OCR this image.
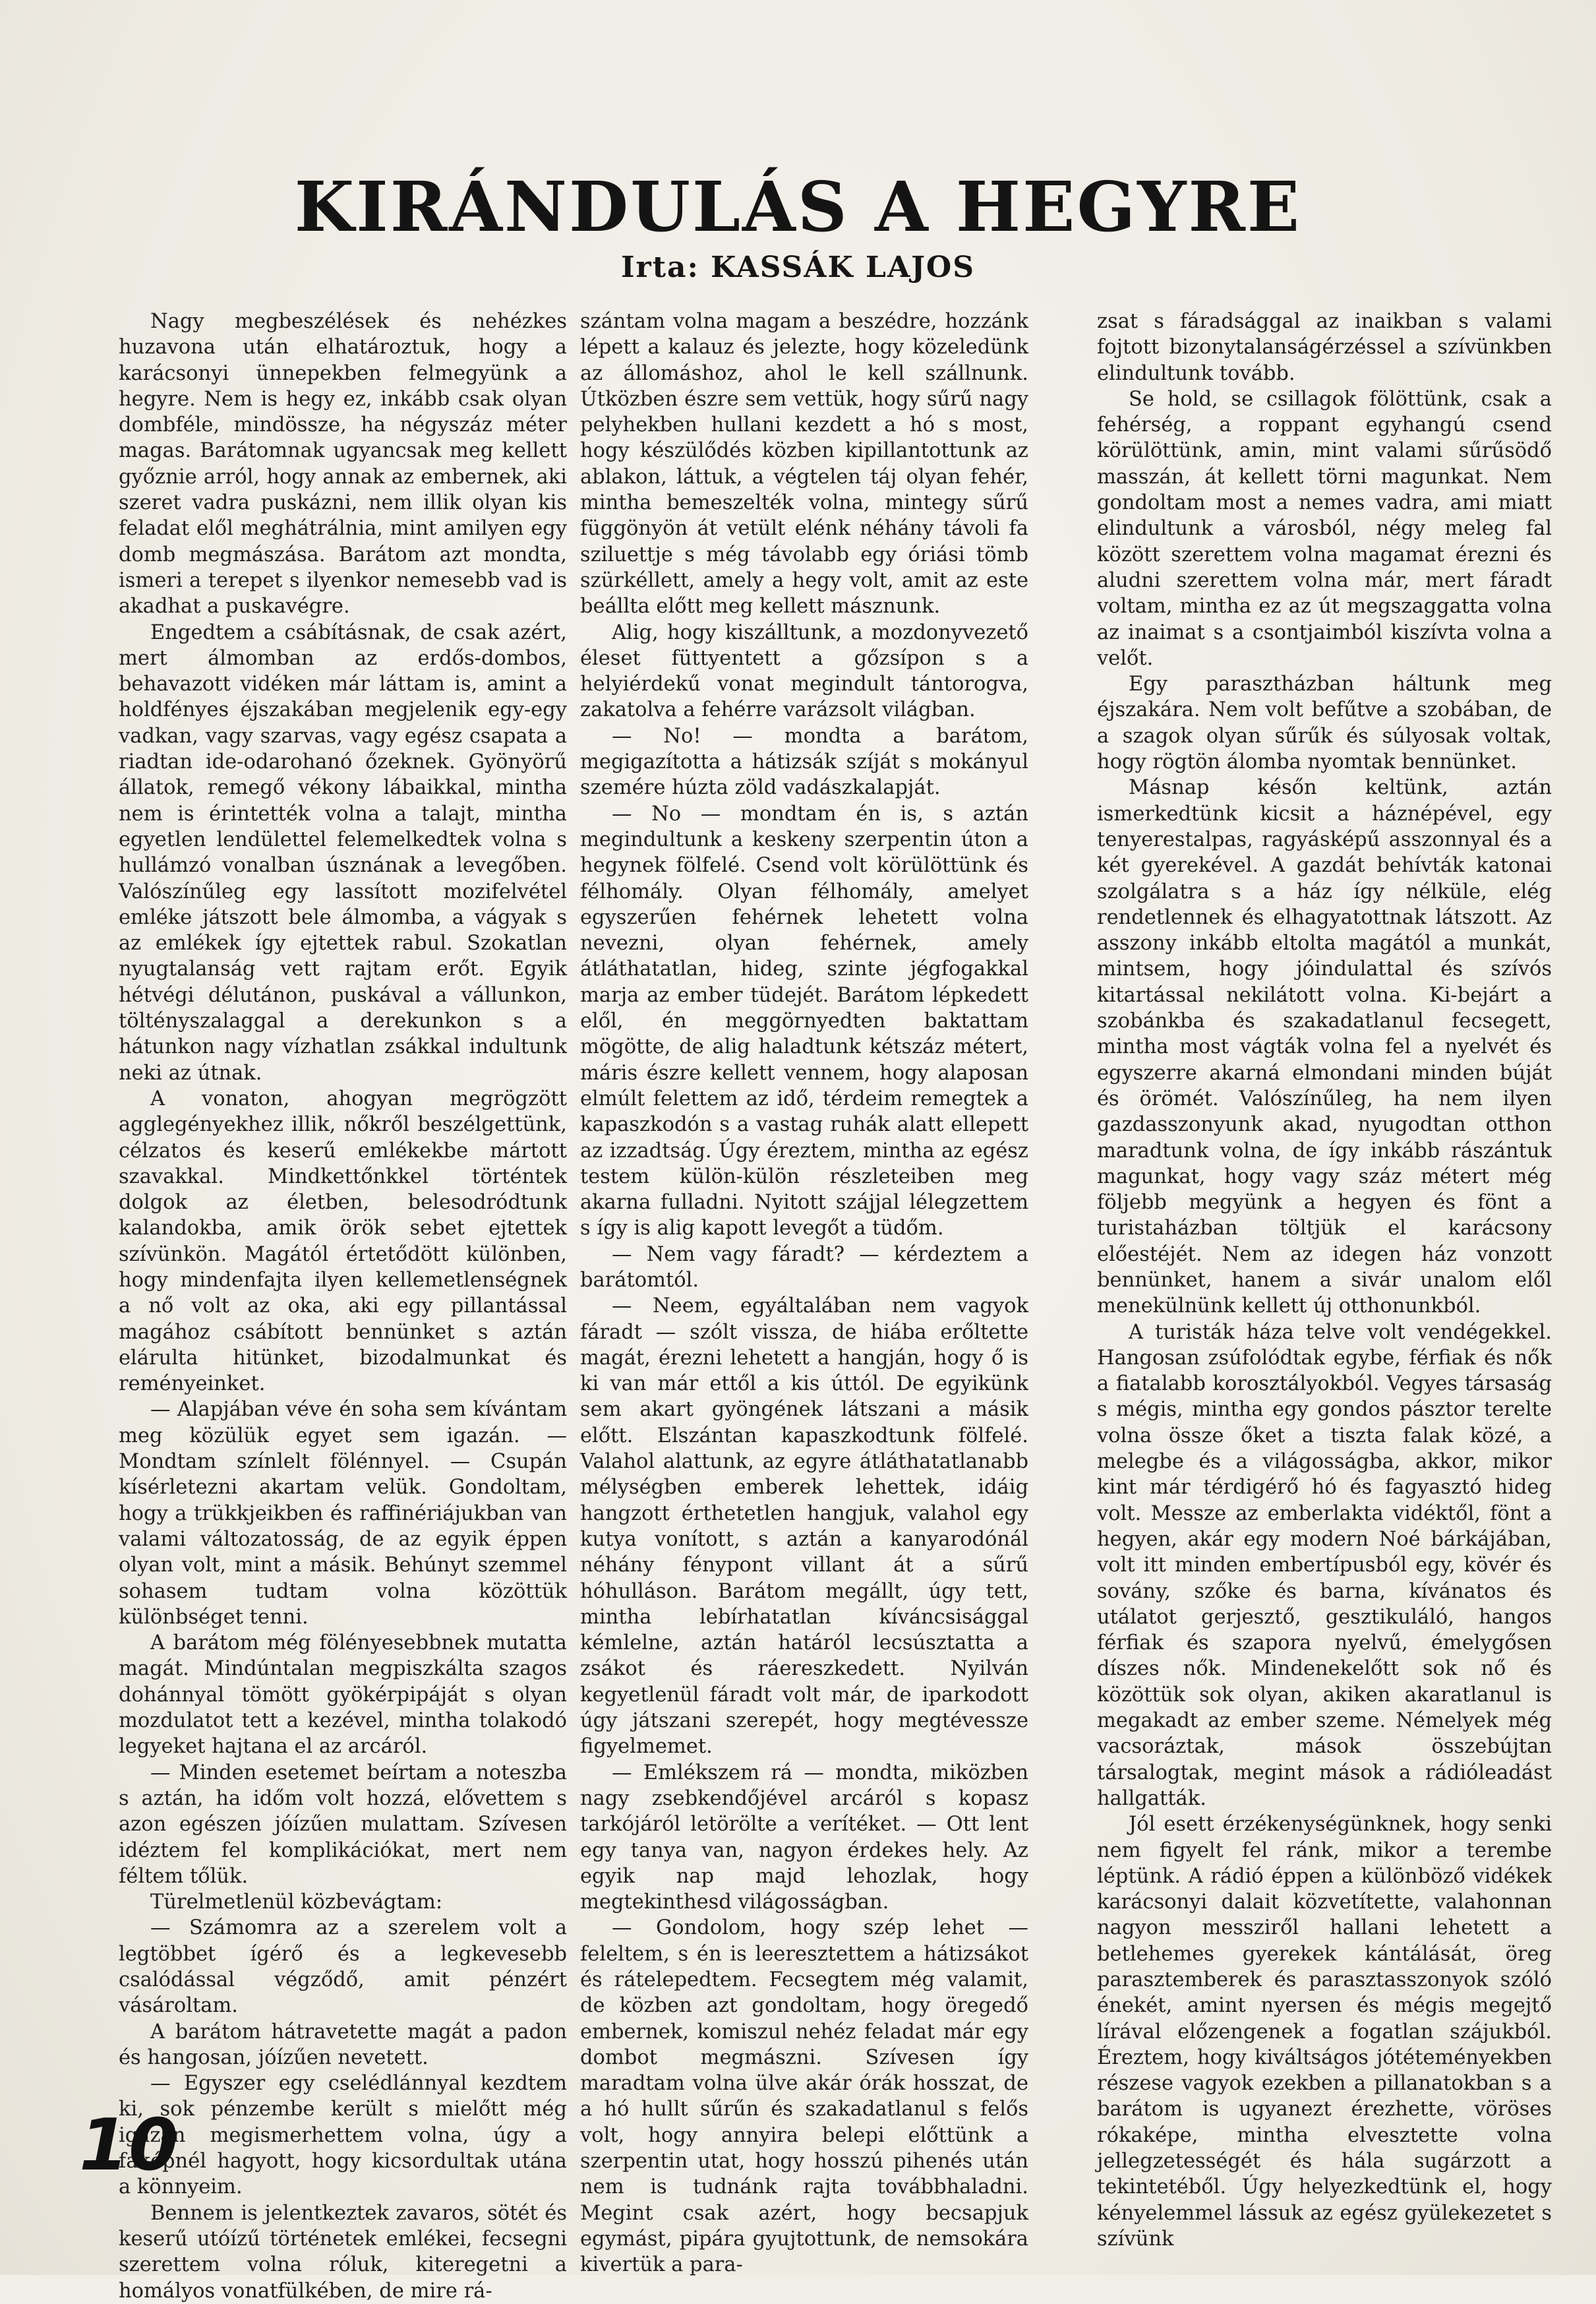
KIRÁNDULÁS A HEGYRE
Irta: KASSÁK LAJOS

Nagy megbeszélések és nehézkes huzavona után elhatároztuk, hogy a karácsonyi ünnepekben felmegyünk a hegyre. Nem is hegy ez, inkább csak olyan dombféle, mindössze, ha négyszáz méter magas. Barátomnak ugyancsak meg kellett győznie arról, hogy annak az embernek, aki szeret vadra puskázni, nem illik olyan kis feladat elől meghátrálnia, mint amilyen egy domb megmászása. Barátom azt mondta, ismeri a terepet s ilyenkor nemesebb vad is akadhat a puskavégre.

Engedtem a csábításnak, de csak azért, mert álmomban az erdős-dombos, behavazott vidéken már láttam is, amint a holdfényes éjszakában megjelenik egy-egy vadkan, vagy szarvas, vagy egész csapata a riadtan ide-odarohanó őzeknek. Gyönyörű állatok, remegő vékony lábaikkal, mintha nem is érintették volna a talajt, mintha egyetlen lendülettel felemelkedtek volna s hullámzó vonalban úsznának a levegőben. Valószínűleg egy lassított mozifelvétel emléke játszott bele álmomba, a vágyak s az emlékek így ejtettek rabul. Szokatlan nyugtalanság vett rajtam erőt. Egyik hétvégi délutánon, puskával a vállunkon, töltényszalaggal a derekunkon s a hátunkon nagy vízhatlan zsákkal indultunk neki az útnak.

A vonaton, ahogyan megrögzött agglegényekhez illik, nőkről beszélgettünk, célzatos és keserű emlékekbe mártott szavakkal. Mindkettőnkkel történtek dolgok az életben, belesodródtunk kalandokba, amik örök sebet ejtettek szívünkön. Magától értetődött különben, hogy mindenfajta ilyen kellemetlenségnek a nő volt az oka, aki egy pillantással magához csábított bennünket s aztán elárulta hitünket, bizodalmunkat és reményeinket.

— Alapjában véve én soha sem kívántam meg közülük egyet sem igazán. — Mondtam színlelt fölénnyel. — Csupán kísérletezni akartam velük. Gondoltam, hogy a trükkjeikben és raffinériájukban van valami változatosság, de az egyik éppen olyan volt, mint a másik. Behúnyt szemmel sohasem tudtam volna közöttük különbséget tenni.

A barátom még fölényesebbnek mutatta magát. Mindúntalan megpiszkálta szagos dohánnyal tömött gyökérpipáját s olyan mozdulatot tett a kezével, mintha tolakodó legyeket hajtana el az arcáról.

— Minden esetemet beírtam a noteszba s aztán, ha időm volt hozzá, elővettem s azon egészen jóízűen mulattam. Szívesen idéztem fel komplikációkat, mert nem féltem tőlük.

Türelmetlenül közbevágtam:

— Számomra az a szerelem volt a legtöbbet ígérő és a legkevesebb csalódással végződő, amit pénzért vásároltam.

A barátom hátravetette magát a padon és hangosan, jóízűen nevetett.

— Egyszer egy cselédlánnyal kezdtem ki, sok pénzembe került s mielőtt még igazán megismerhettem volna, úgy a faképnél hagyott, hogy kicsordultak utána a könnyeim.

Bennem is jelentkeztek zavaros, sötét és keserű utóízű történetek emlékei, fecsegni szerettem volna róluk, kiteregetni a homályos vonatfülkében, de mire rá-

szántam volna magam a beszédre, hozzánk lépett a kalauz és jelezte, hogy közeledünk az állomáshoz, ahol le kell szállnunk. Útközben észre sem vettük, hogy sűrű nagy pelyhekben hullani kezdett a hó s most, hogy készülődés közben kipillantottunk az ablakon, láttuk, a végtelen táj olyan fehér, mintha bemeszelték volna, mintegy sűrű függönyön át vetült elénk néhány távoli fa sziluettje s még távolabb egy óriási tömb szürkéllett, amely a hegy volt, amit az este beállta előtt meg kellett másznunk.

Alig, hogy kiszálltunk, a mozdonyvezető éleset füttyentett a gőzsípon s a helyiérdekű vonat megindult tántorogva, zakatolva a fehérre varázsolt világban.

— No! — mondta a barátom, megigazította a hátizsák szíját s mokányul szemére húzta zöld vadászkalapját.

— No — mondtam én is, s aztán megindultunk a keskeny szerpentin úton a hegynek fölfelé. Csend volt körülöttünk és félhomály. Olyan félhomály, amelyet egyszerűen fehérnek lehetett volna nevezni, olyan fehérnek, amely átláthatatlan, hideg, szinte jégfogakkal marja az ember tüdejét. Barátom lépkedett elől, én meggörnyedten baktattam mögötte, de alig haladtunk kétszáz métert, máris észre kellett vennem, hogy alaposan elmúlt felettem az idő, térdeim remegtek a kapaszkodón s a vastag ruhák alatt ellepett az izzadtság. Úgy éreztem, mintha az egész testem külön-külön részleteiben meg akarna fulladni. Nyitott szájjal lélegzettem s így is alig kapott levegőt a tüdőm.

— Nem vagy fáradt? — kérdeztem a barátomtól.

— Neem, egyáltalában nem vagyok fáradt — szólt vissza, de hiába erőltette magát, érezni lehetett a hangján, hogy ő is ki van már ettől a kis úttól. De egyikünk sem akart gyöngének látszani a másik előtt. Elszántan kapaszkodtunk fölfelé. Valahol alattunk, az egyre átláthatatlanabb mélységben emberek lehettek, idáig hangzott érthetetlen hangjuk, valahol egy kutya vonított, s aztán a kanyarodónál néhány fénypont villant át a sűrű hóhulláson. Barátom megállt, úgy tett, mintha lebírhatatlan kíváncsisággal kémlelne, aztán határól lecsúsztatta a zsákot és ráereszkedett. Nyilván kegyetlenül fáradt volt már, de iparkodott úgy játszani szerepét, hogy megtévessze figyelmemet.

— Emlékszem rá — mondta, miközben nagy zsebkendőjével arcáról s kopasz tarkójáról letörölte a verítéket. — Ott lent egy tanya van, nagyon érdekes hely. Az egyik nap majd lehozlak, hogy megtekinthesd világosságban.

— Gondolom, hogy szép lehet — feleltem, s én is leeresztettem a hátizsákot és rátelepedtem. Fecsegtem még valamit, de közben azt gondoltam, hogy öregedő embernek, komiszul nehéz feladat már egy dombot megmászni. Szívesen így maradtam volna ülve akár órák hosszat, de a hó hullt sűrűn és szakadatlanul s felős volt, hogy annyira belepi előttünk a szerpentin utat, hogy hosszú pihenés után nem is tudnánk rajta továbbhaladni. Megint csak azért, hogy becsapjuk egymást, pipára gyujtottunk, de nemsokára kivertük a para-

zsat s fáradsággal az inaikban s valami fojtott bizonytalanságérzéssel a szívünkben elindultunk tovább.

Se hold, se csillagok fölöttünk, csak a fehérség, a roppant egyhangú csend körülöttünk, amin, mint valami sűrűsödő masszán, át kellett törni magunkat. Nem gondoltam most a nemes vadra, ami miatt elindultunk a városból, négy meleg fal között szerettem volna magamat érezni és aludni szerettem volna már, mert fáradt voltam, mintha ez az út megszaggatta volna az inaimat s a csontjaimból kiszívta volna a velőt.

Egy parasztházban háltunk meg éjszakára. Nem volt befűtve a szobában, de a szagok olyan sűrűk és súlyosak voltak, hogy rögtön álomba nyomtak bennünket.

Másnap későn keltünk, aztán ismerkedtünk kicsit a háznépével, egy tenyerestalpas, ragyásképű asszonnyal és a két gyerekével. A gazdát behívták katonai szolgálatra s a ház így nélküle, elég rendetlennek és elhagyatottnak látszott. Az asszony inkább eltolta magától a munkát, mintsem, hogy jóindulattal és szívós kitartással nekilátott volna. Ki-bejárt a szobánkba és szakadatlanul fecsegett, mintha most vágták volna fel a nyelvét és egyszerre akarná elmondani minden búját és örömét. Valószínűleg, ha nem ilyen gazdasszonyunk akad, nyugodtan otthon maradtunk volna, de így inkább rászántuk magunkat, hogy vagy száz métert még följebb megyünk a hegyen és fönt a turistaházban töltjük el karácsony előestéjét. Nem az idegen ház vonzott bennünket, hanem a sivár unalom elől menekülnünk kellett új otthonunkból.

A turisták háza telve volt vendégekkel. Hangosan zsúfolódtak egybe, férfiak és nők a fiatalabb korosztályokból. Vegyes társaság s mégis, mintha egy gondos pásztor terelte volna össze őket a tiszta falak közé, a melegbe és a világosságba, akkor, mikor kint már térdigérő hó és fagyasztó hideg volt. Messze az emberlakta vidéktől, fönt a hegyen, akár egy modern Noé bárkájában, volt itt minden embertípusból egy, kövér és sovány, szőke és barna, kívánatos és utálatot gerjesztő, gesztikuláló, hangos férfiak és szapora nyelvű, émelygősen díszes nők. Mindenekelőtt sok nő és közöttük sok olyan, akiken akaratlanul is megakadt az ember szeme. Némelyek még vacsoráztak, mások összebújtan társalogtak, megint mások a rádióleadást hallgatták.

Jól esett érzékenységünknek, hogy senki nem figyelt fel ránk, mikor a terembe léptünk. A rádió éppen a különböző vidékek karácsonyi dalait közvetítette, valahonnan nagyon messziről hallani lehetett a betlehemes gyerekek kántálását, öreg parasztemberek és parasztasszonyok szóló énekét, amint nyersen és mégis megejtő lírával előzengenek a fogatlan szájukból. Éreztem, hogy kiváltságos jótéteményekben részese vagyok ezekben a pillanatokban s a barátom is ugyanezt érezhette, vöröses rókaképe, mintha elvesztette volna jellegzetességét és hála sugárzott a tekintetéből. Úgy helyezkedtünk el, hogy kényelemmel lássuk az egész gyülekezetet s szívünk

10
